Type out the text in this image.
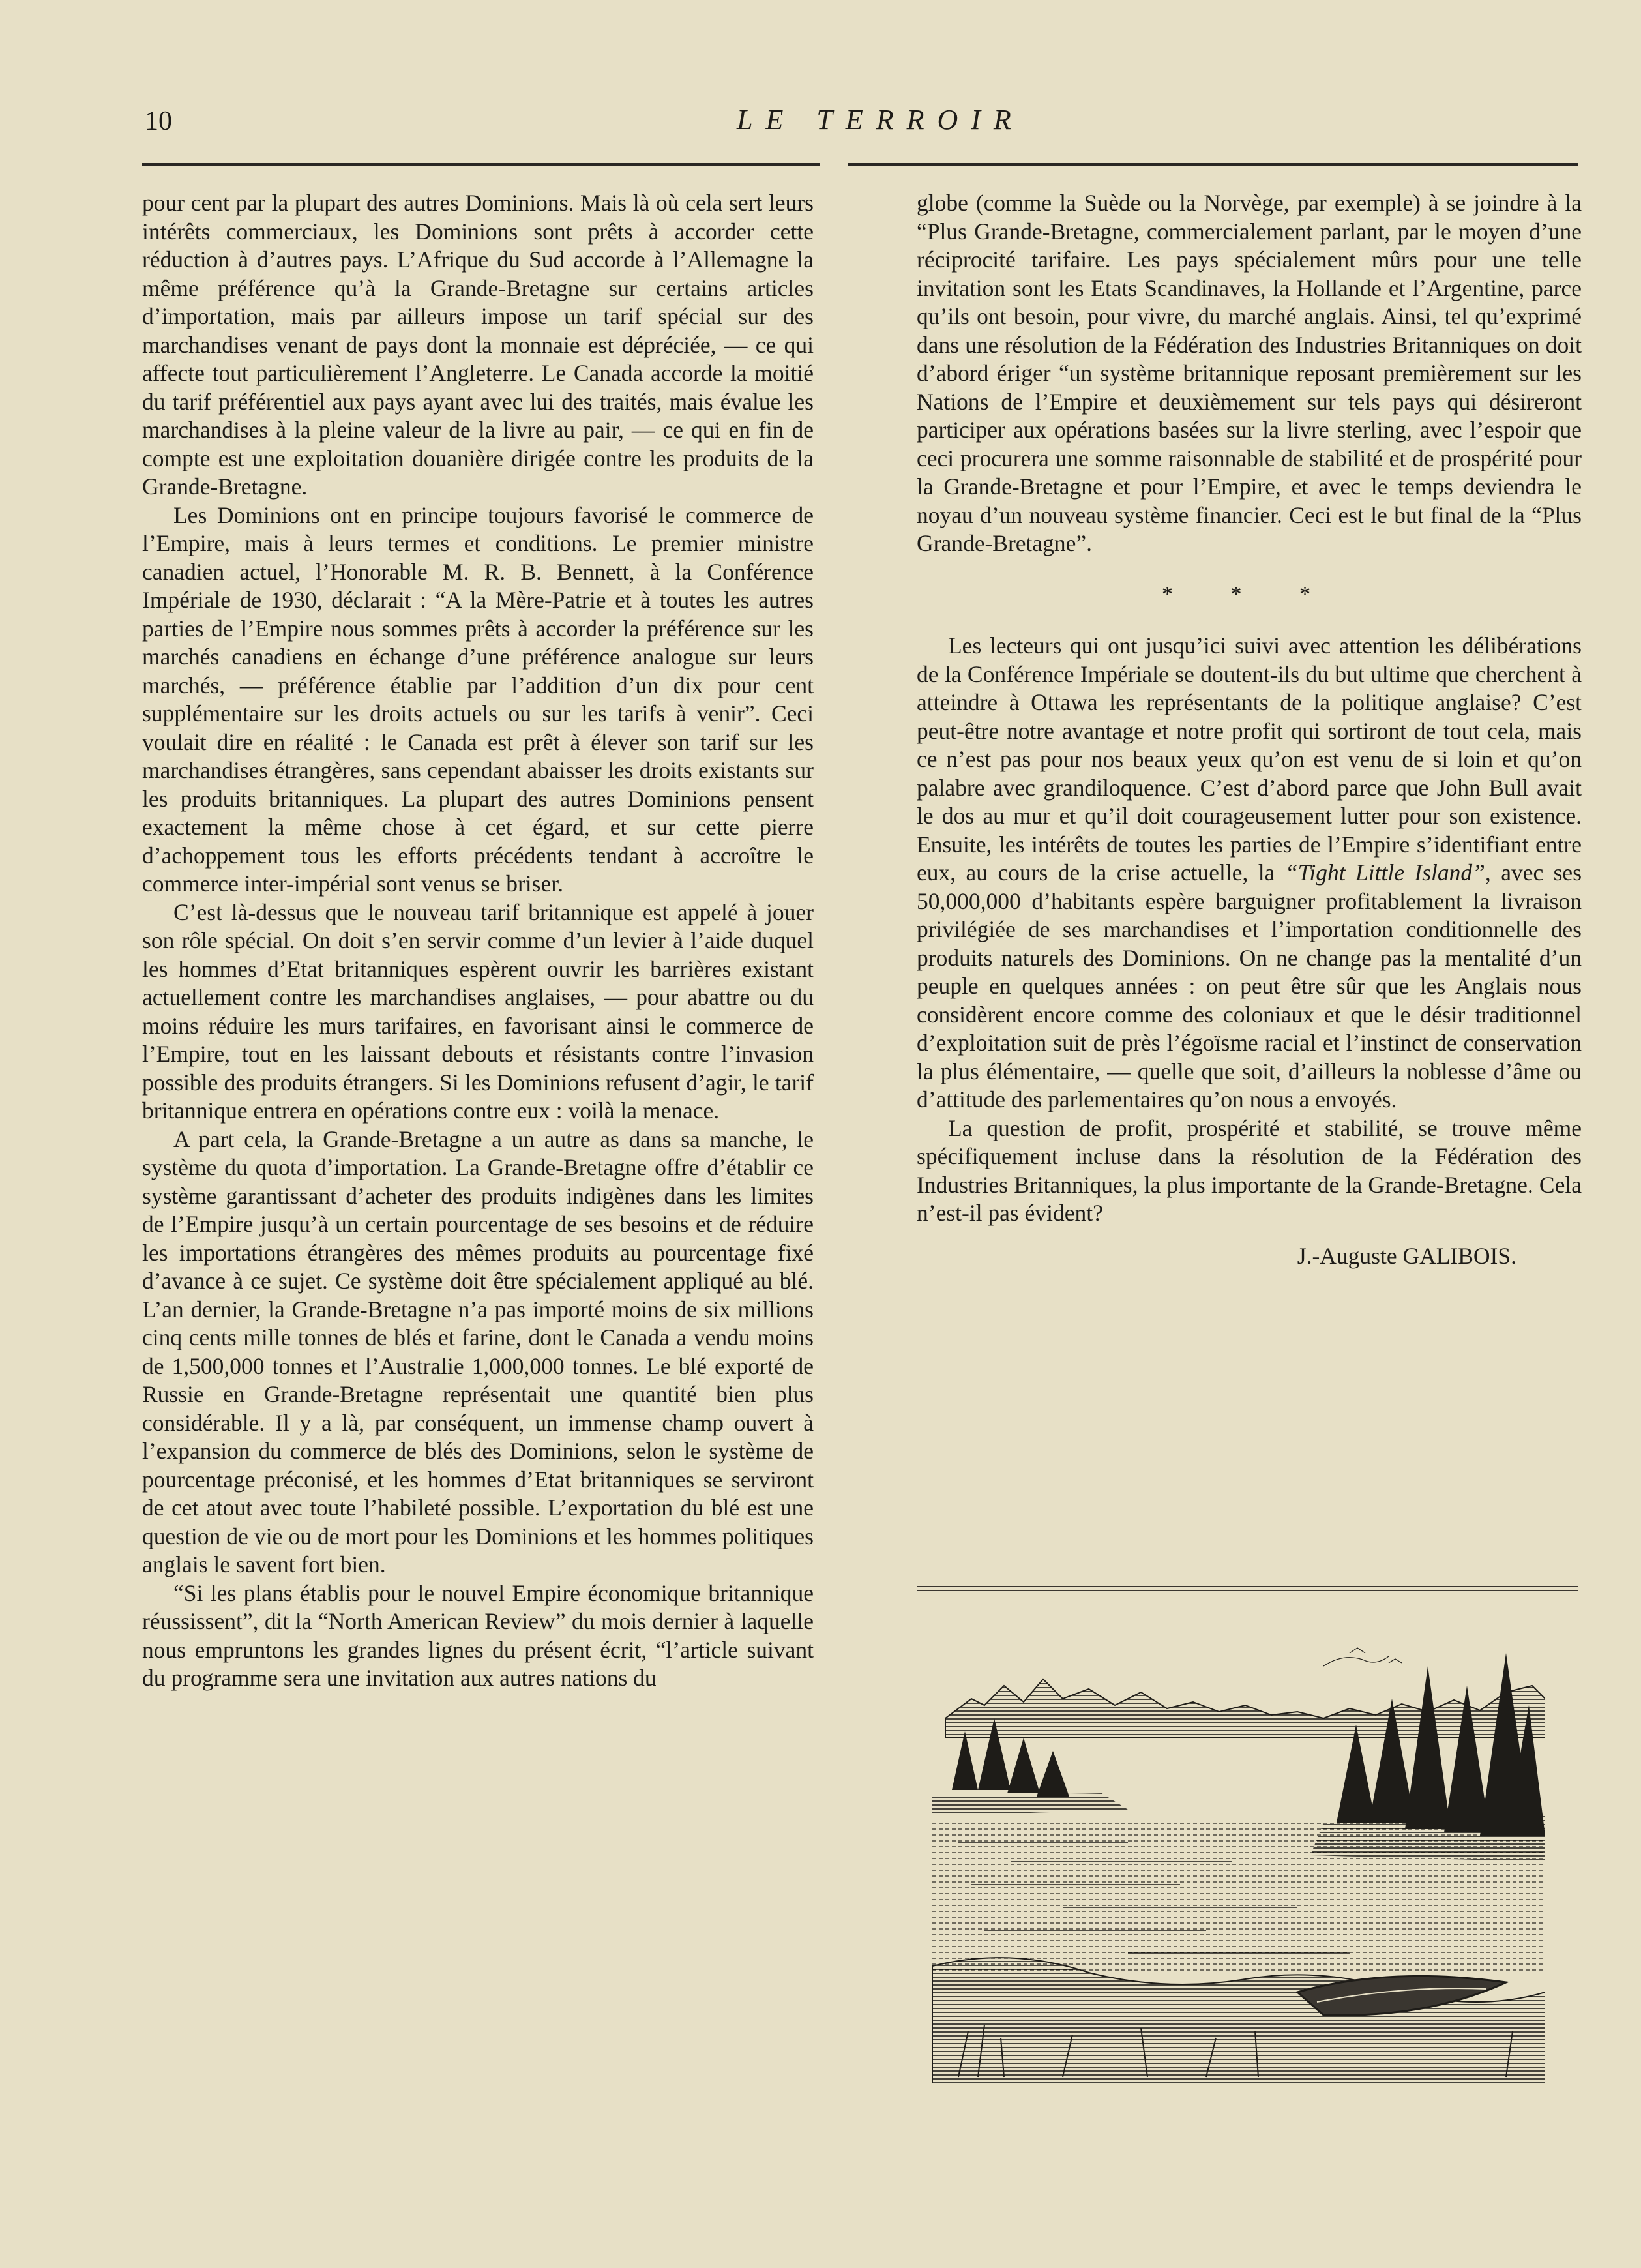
10	LE TERROIR

pour cent par la plupart des autres Dominions. Mais là où cela sert leurs intérêts commerciaux, les Dominions sont prêts à accorder cette réduction à d’autres pays. L’Afrique du Sud accorde à l’Allemagne la même préférence qu’à la Grande-Bretagne sur certains articles d’importation, mais par ailleurs impose un tarif spécial sur des marchandises venant de pays dont la monnaie est dépréciée, — ce qui affecte tout particulièrement l’Angleterre. Le Canada accorde la moitié du tarif préférentiel aux pays ayant avec lui des traités, mais évalue les marchandises à la pleine valeur de la livre au pair, — ce qui en fin de compte est une exploitation douanière dirigée contre les produits de la Grande-Bretagne.

Les Dominions ont en principe toujours favorisé le commerce de l’Empire, mais à leurs termes et conditions. Le premier ministre canadien actuel, l’Honorable M. R. B. Bennett, à la Conférence Impériale de 1930, déclarait : “A la Mère-Patrie et à toutes les autres parties de l’Empire nous sommes prêts à accorder la préférence sur les marchés canadiens en échange d’une préférence analogue sur leurs marchés, — préférence établie par l’addition d’un dix pour cent supplémentaire sur les droits actuels ou sur les tarifs à venir”. Ceci voulait dire en réalité : le Canada est prêt à élever son tarif sur les marchandises étrangères, sans cependant abaisser les droits existants sur les produits britanniques. La plupart des autres Dominions pensent exactement la même chose à cet égard, et sur cette pierre d’achoppement tous les efforts précédents tendant à accroître le commerce inter-impérial sont venus se briser.

C’est là-dessus que le nouveau tarif britannique est appelé à jouer son rôle spécial. On doit s’en servir comme d’un levier à l’aide duquel les hommes d’Etat britanniques espèrent ouvrir les barrières existant actuellement contre les marchandises anglaises, — pour abattre ou du moins réduire les murs tarifaires, en favorisant ainsi le commerce de l’Empire, tout en les laissant debouts et résistants contre l’invasion possible des produits étrangers. Si les Dominions refusent d’agir, le tarif britannique entrera en opérations contre eux : voilà la menace.

A part cela, la Grande-Bretagne a un autre as dans sa manche, le système du quota d’importation. La Grande-Bretagne offre d’établir ce système garantissant d’acheter des produits indigènes dans les limites de l’Empire jusqu’à un certain pourcentage de ses besoins et de réduire les importations étrangères des mêmes produits au pourcentage fixé d’avance à ce sujet. Ce système doit être spécialement appliqué au blé. L’an dernier, la Grande-Bretagne n’a pas importé moins de six millions cinq cents mille tonnes de blés et farine, dont le Canada a vendu moins de 1,500,000 tonnes et l’Australie 1,000,000 tonnes. Le blé exporté de Russie en Grande-Bretagne représentait une quantité bien plus considérable. Il y a là, par conséquent, un immense champ ouvert à l’expansion du commerce de blés des Dominions, selon le système de pourcentage préconisé, et les hommes d’Etat britanniques se serviront de cet atout avec toute l’habileté possible. L’exportation du blé est une question de vie ou de mort pour les Dominions et les hommes politiques anglais le savent fort bien.

“Si les plans établis pour le nouvel Empire économique britannique réussissent”, dit la “North American Review” du mois dernier à laquelle nous empruntons les grandes lignes du présent écrit, “l’article suivant du programme sera une invitation aux autres nations du

globe (comme la Suède ou la Norvège, par exemple) à se joindre à la “Plus Grande-Bretagne, commercialement parlant, par le moyen d’une réciprocité tarifaire. Les pays spécialement mûrs pour une telle invitation sont les Etats Scandinaves, la Hollande et l’Argentine, parce qu’ils ont besoin, pour vivre, du marché anglais. Ainsi, tel qu’exprimé dans une résolution de la Fédération des Industries Britanniques on doit d’abord ériger “un système britannique reposant premièrement sur les Nations de l’Empire et deuxièmement sur tels pays qui désireront participer aux opérations basées sur la livre sterling, avec l’espoir que ceci procurera une somme raisonnable de stabilité et de prospérité pour la Grande-Bretagne et pour l’Empire, et avec le temps deviendra le noyau d’un nouveau système financier. Ceci est le but final de la “Plus Grande-Bretagne”.

* * *

Les lecteurs qui ont jusqu’ici suivi avec attention les délibérations de la Conférence Impériale se doutent-ils du but ultime que cherchent à atteindre à Ottawa les représentants de la politique anglaise? C’est peut-être notre avantage et notre profit qui sortiront de tout cela, mais ce n’est pas pour nos beaux yeux qu’on est venu de si loin et qu’on palabre avec grandiloquence. C’est d’abord parce que John Bull avait le dos au mur et qu’il doit courageusement lutter pour son existence. Ensuite, les intérêts de toutes les parties de l’Empire s’identifiant entre eux, au cours de la crise actuelle, la “Tight Little Island”, avec ses 50,000,000 d’habitants espère barguigner profitablement la livraison privilégiée de ses marchandises et l’importation conditionnelle des produits naturels des Dominions. On ne change pas la mentalité d’un peuple en quelques années : on peut être sûr que les Anglais nous considèrent encore comme des coloniaux et que le désir traditionnel d’exploitation suit de près l’égoïsme racial et l’instinct de conservation la plus élémentaire, — quelle que soit, d’ailleurs la noblesse d’âme ou d’attitude des parlementaires qu’on nous a envoyés.

La question de profit, prospérité et stabilité, se trouve même spécifiquement incluse dans la résolution de la Fédération des Industries Britanniques, la plus importante de la Grande-Bretagne. Cela n’est-il pas évident?

J.-Auguste GALIBOIS.
